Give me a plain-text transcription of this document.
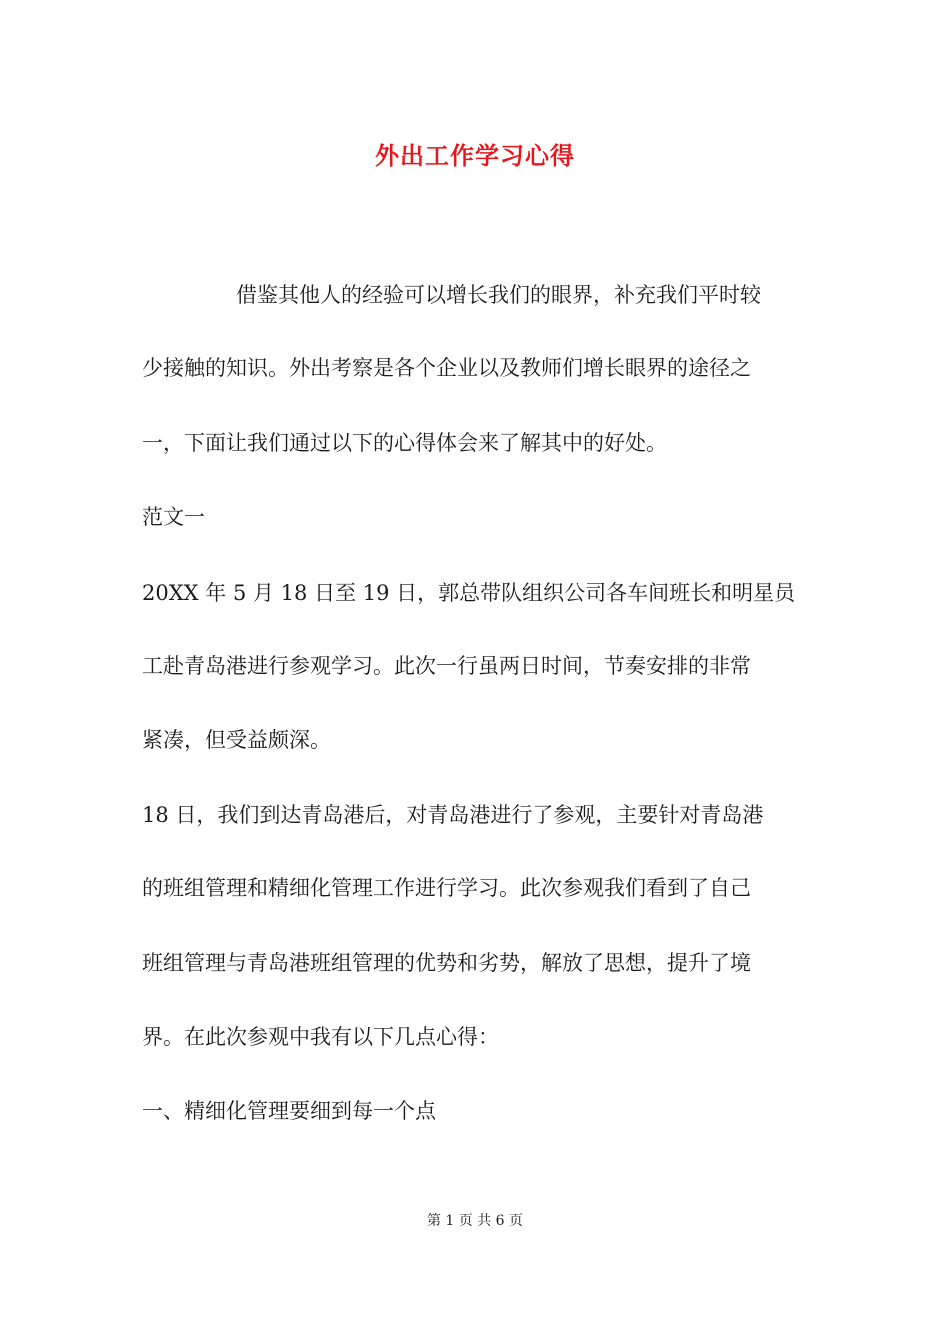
外出工作学习心得
借鉴其他人的经验可以增长我们的眼界，补充我们平时较
少接触的知识。外出考察是各个企业以及教师们增长眼界的途径之
一，下面让我们通过以下的心得体会来了解其中的好处。
范文一
20XX 年 5 月 18 日至 19 日，郭总带队组织公司各车间班长和明星员
工赴青岛港进行参观学习。此次一行虽两日时间，节奏安排的非常
紧凑，但受益颇深。
18 日，我们到达青岛港后，对青岛港进行了参观，主要针对青岛港
的班组管理和精细化管理工作进行学习。此次参观我们看到了自己
班组管理与青岛港班组管理的优势和劣势，解放了思想，提升了境
界。在此次参观中我有以下几点心得：
一、精细化管理要细到每一个点
第 1 页 共 6 页
